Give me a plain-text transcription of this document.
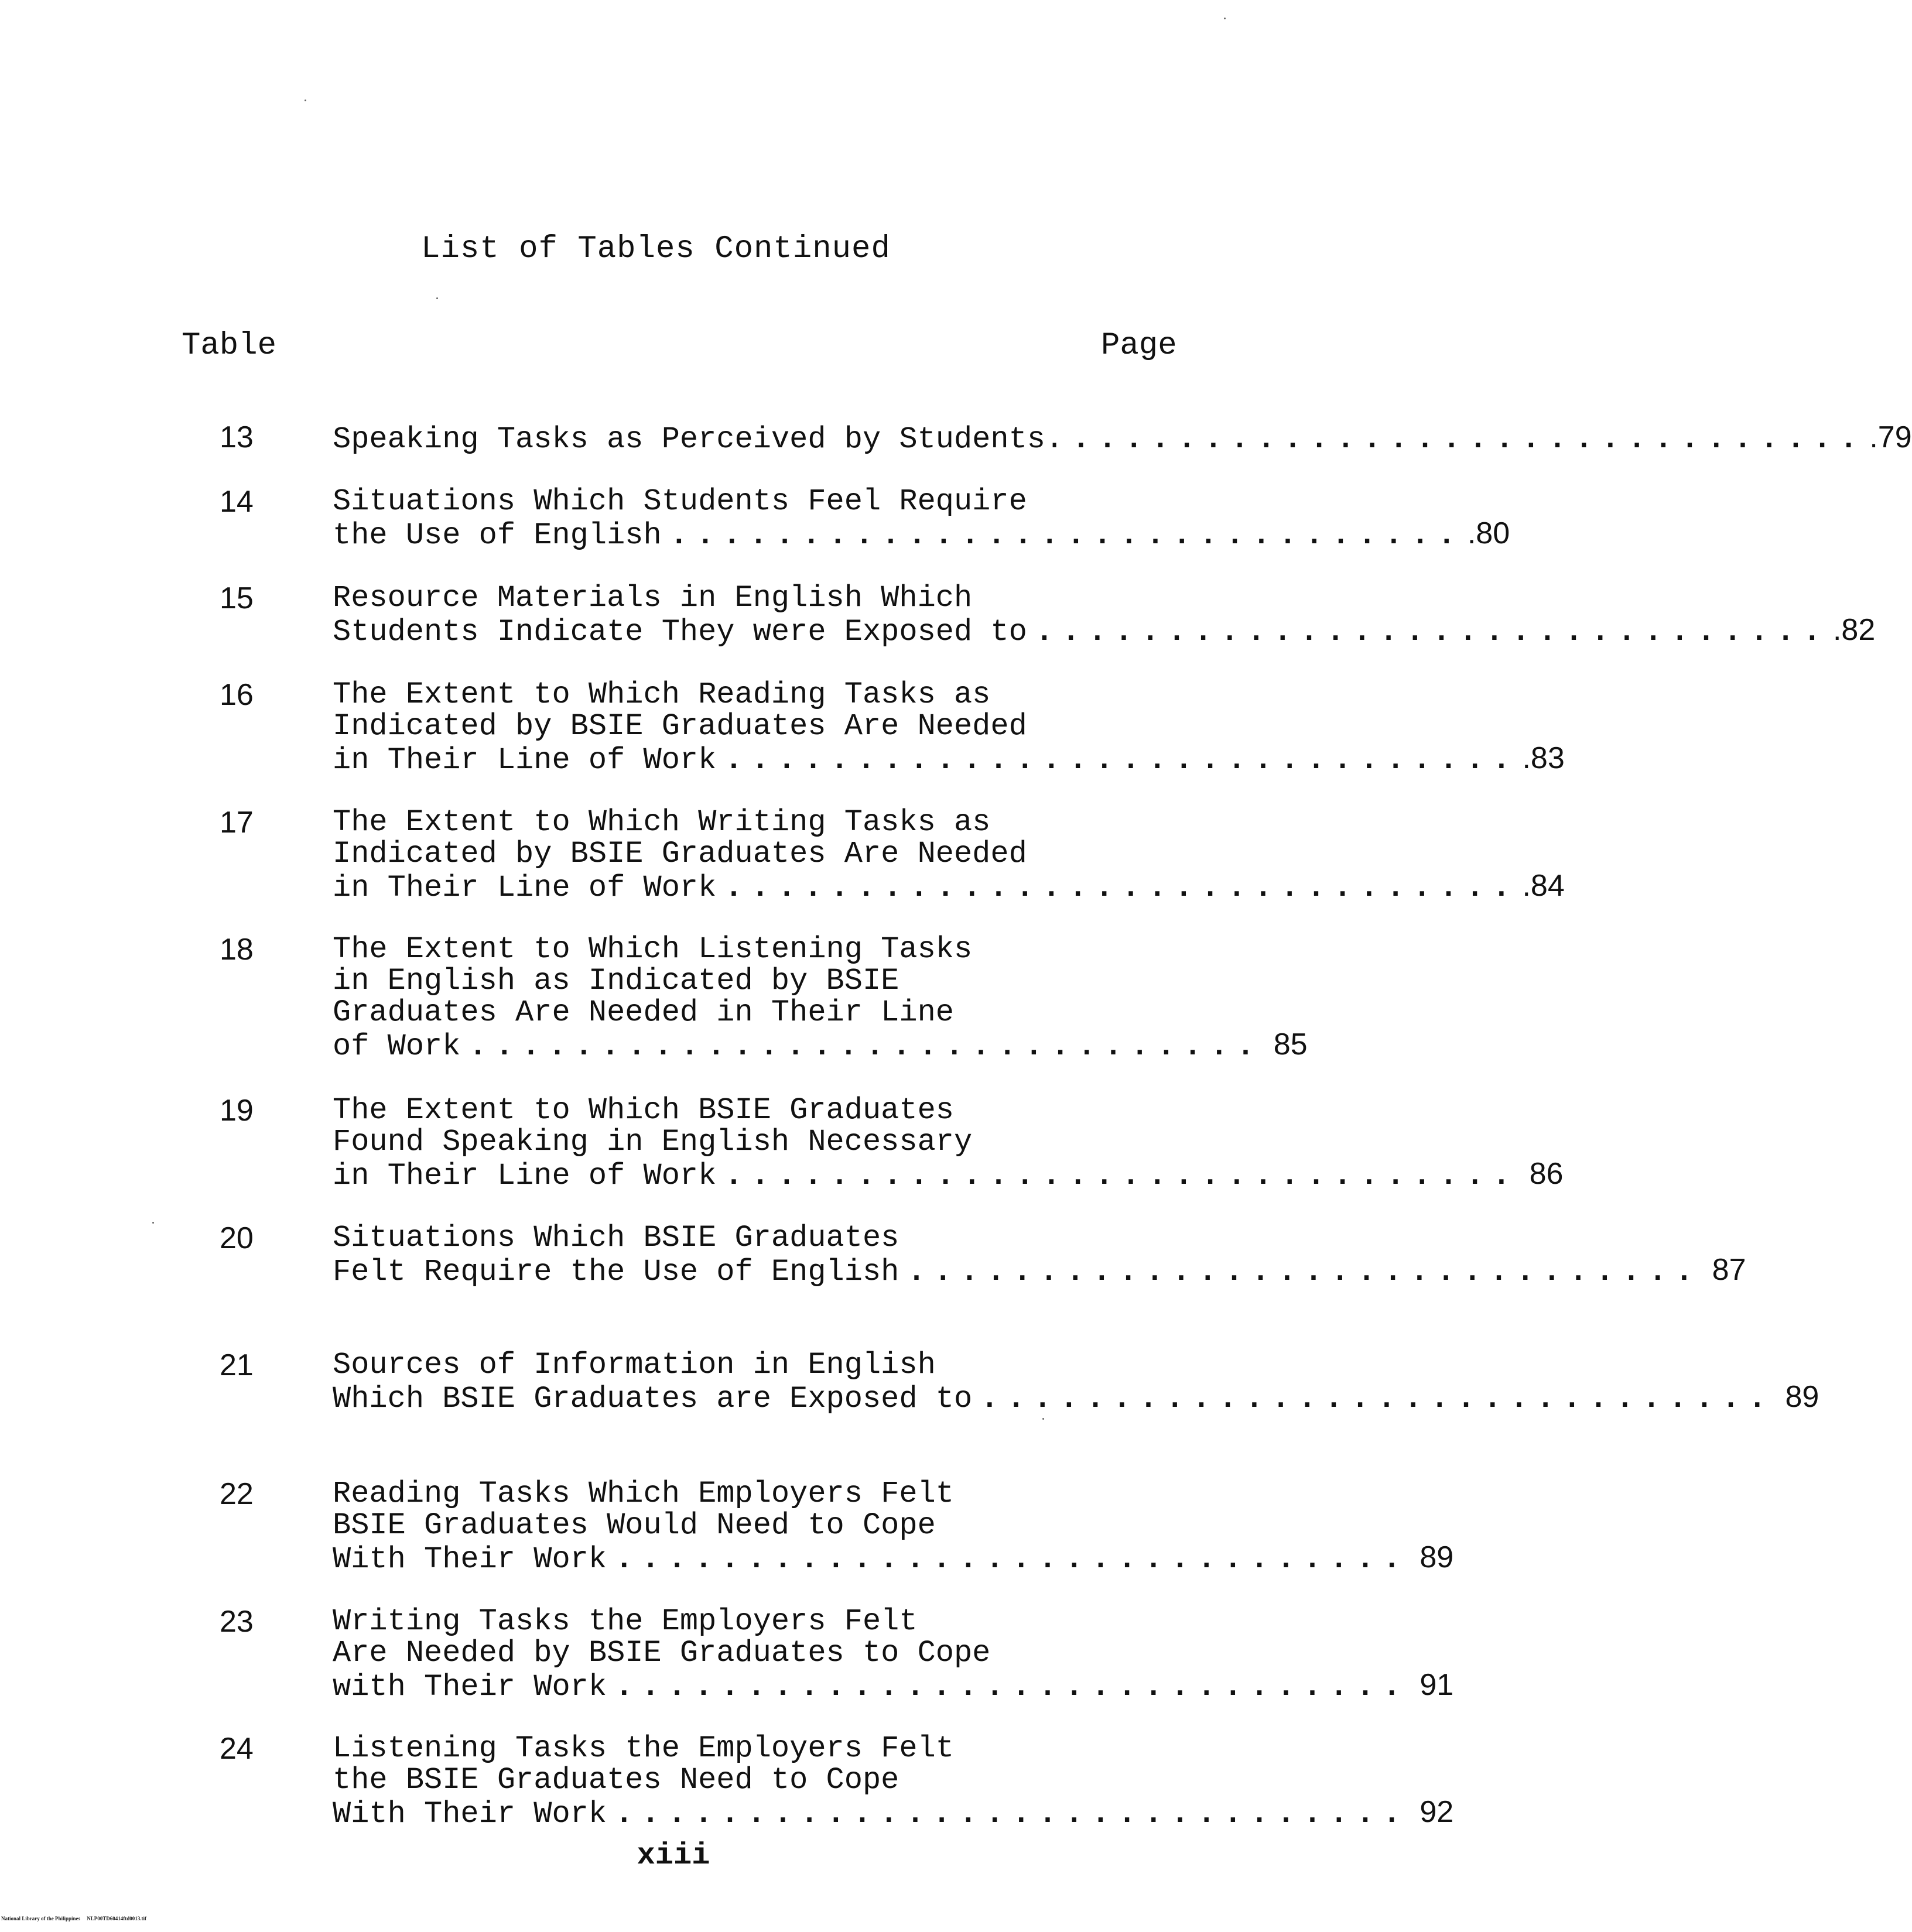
List of Tables Continued
Table	Page
13	Speaking Tasks as Perceived by Students. .............................. .79
14	Situations Which Students Feel Require
the Use of English .............................. .80
15	Resource Materials in English Which
Students Indicate They were Exposed to .............................. .82
16	The Extent to Which Reading Tasks as
Indicated by BSIE Graduates Are Needed
in Their Line of Work .............................. .83
17	The Extent to Which Writing Tasks as
Indicated by BSIE Graduates Are Needed
in Their Line of Work .............................. .84
18	The Extent to Which Listening Tasks
in English as Indicated by BSIE
Graduates Are Needed in Their Line
of Work .............................. 85
19	The Extent to Which BSIE Graduates
Found Speaking in English Necessary
in Their Line of Work .............................. 86
20	Situations Which BSIE Graduates
Felt Require the Use of English .............................. 87
21	Sources of Information in English
Which BSIE Graduates are Exposed to .............................. 89
22	Reading Tasks Which Employers Felt
BSIE Graduates Would Need to Cope
With Their Work .............................. 89
23	Writing Tasks the Employers Felt
Are Needed by BSIE Graduates to Cope
with Their Work .............................. 91
24	Listening Tasks the Employers Felt
the BSIE Graduates Need to Cope
With Their Work .............................. 92
xiii
National Library of the Philippines     NLP00TD60414ftd0013.tif
